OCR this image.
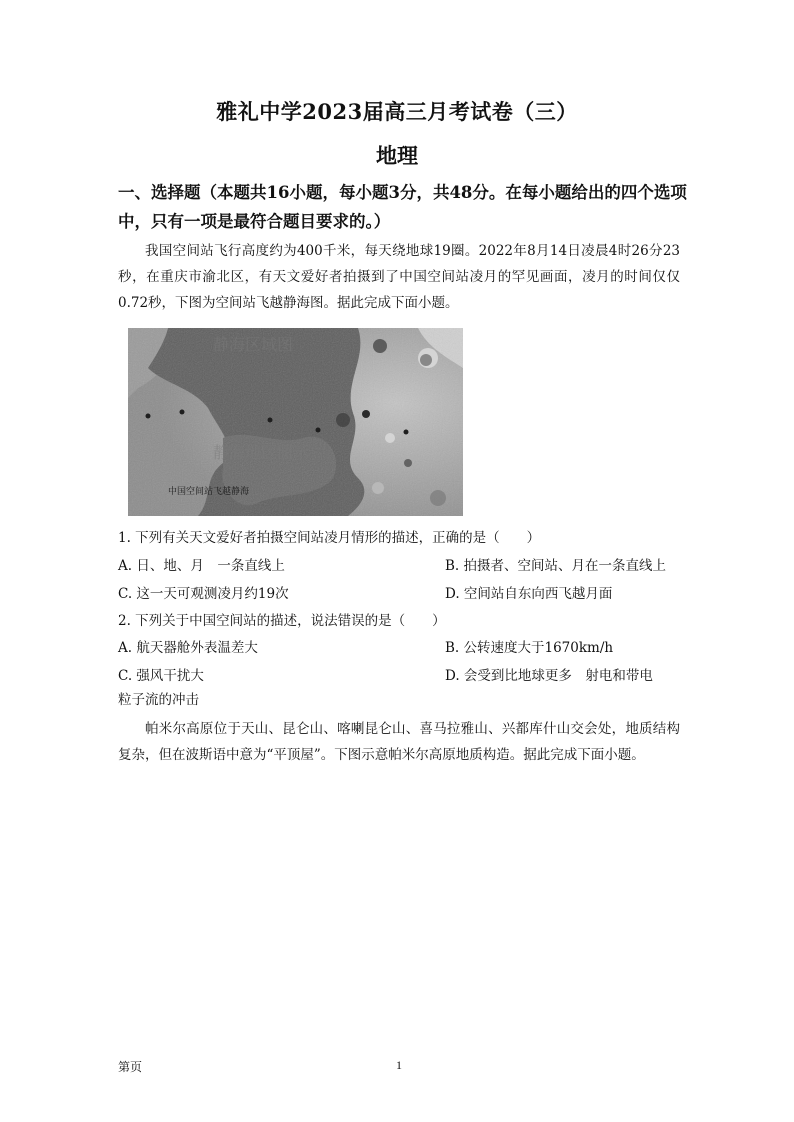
雅礼中学2023届高三月考试卷（三）
地理
一、选择题（本题共16小题，每小题3分，共48分。在每小题给出的四个选项中，只有一项是最符合题目要求的。）
我国空间站飞行高度约为400千米，每天绕地球19圈。2022年8月14日凌晨4时26分23秒，在重庆市渝北区，有天文爱好者拍摄到了中国空间站凌月的罕见画面，凌月的时间仅仅0.72秒，下图为空间站飞越静海图。据此完成下面小题。
静海区域图
静海地区图示
中国空间站飞越静海
1. 下列有关天文爱好者拍摄空间站凌月情形的描述，正确的是（　　）
A. 日、地、月　一条直线上	B. 拍摄者、空间站、月在一条直线上
C. 这一天可观测凌月约19次	D. 空间站自东向西飞越月面
2. 下列关于中国空间站的描述，说法错误的是（　　）
A. 航天器舱外表温差大	B. 公转速度大于1670km/h
C. 强风干扰大	D. 会受到比地球更多　射电和带电
粒子流的冲击
帕米尔高原位于天山、昆仑山、喀喇昆仑山、喜马拉雅山、兴都库什山交会处，地质结构复杂，但在波斯语中意为“平顶屋”。下图示意帕米尔高原地质构造。据此完成下面小题。
第页	1
